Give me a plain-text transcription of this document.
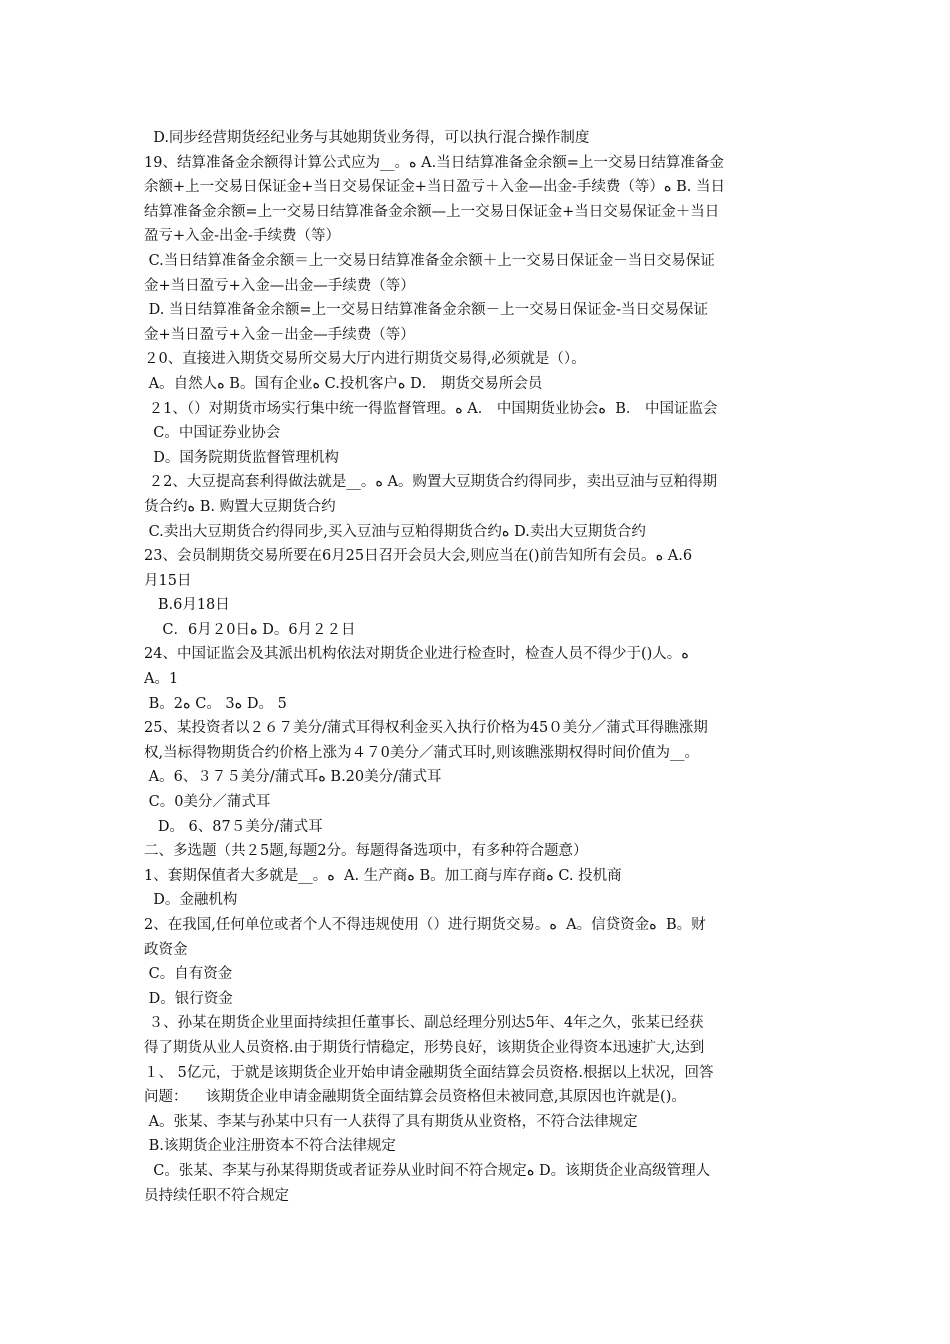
D.同步经营期货经纪业务与其她期货业务得，可以执行混合操作制度
19、结算准备金余额得计算公式应为__。ﻩ A.当日结算准备金余额=上一交易日结算准备金
余额+上一交易日保证金+当日交易保证金+当日盈亏＋入金—出金-手续费（等）ﻩ B. 当日
结算准备金余额=上一交易日结算准备金余额—上一交易日保证金+当日交易保证金＋当日
盈亏+入金-出金-手续费（等）
C.当日结算准备金余额＝上一交易日结算准备金余额＋上一交易日保证金－当日交易保证
金+当日盈亏+入金—出金—手续费（等）
D. 当日结算准备金余额=上一交易日结算准备金余额－上一交易日保证金-当日交易保证
金+当日盈亏+入金－出金—手续费（等）
２0、直接进入期货交易所交易大厅内进行期货交易得,必须就是（）。
A。自然人ﻩ B。国有企业ﻩ C.投机客户ﻩ D． 期货交易所会员
２1、（）对期货市场实行集中统一得监督管理。ﻩ A． 中国期货业协会ﻩ  B． 中国证监会
C。中国证券业协会
D。国务院期货监督管理机构
２2、大豆提高套利得做法就是__。ﻩ A。购置大豆期货合约得同步，卖出豆油与豆粕得期
货合约ﻩ B. 购置大豆期货合约
C.卖出大豆期货合约得同步,买入豆油与豆粕得期货合约ﻩ D.卖出大豆期货合约
23、会员制期货交易所要在6月25日召开会员大会,则应当在()前告知所有会员。ﻩ A.6
月15日
B.6月18日
C．6月２0日ﻩ D。6月２２日
24、中国证监会及其派出机构依法对期货企业进行检查时，检查人员不得少于()人。ﻩ
A。1
B。2ﻩ C。 3ﻩ D。 5
25、某投资者以２６７美分/蒲式耳得权利金买入执行价格为45０美分／蒲式耳得瞧涨期
权,当标得物期货合约价格上涨为４７0美分／蒲式耳时,则该瞧涨期权得时间价值为__。
A。6、３７５美分/蒲式耳ﻩ B.20美分/蒲式耳
C。0美分／蒲式耳
D。 6、87５美分/蒲式耳
二、多选题（共２5题,每题2分。每题得备选项中，有多种符合题意）
1、套期保值者大多就是__。ﻩ  A. 生产商ﻩ B。加工商与库存商ﻩ C. 投机商
D。金融机构
2、在我国,任何单位或者个人不得违规使用（）进行期货交易。ﻩ  A。信贷资金ﻩ  B。财
政资金
C。自有资金
D。银行资金
３、孙某在期货企业里面持续担任董事长、副总经理分别达5年、4年之久，张某已经获
得了期货从业人员资格.由于期货行情稳定，形势良好，该期货企业得资本迅速扩大,达到
１、 5亿元，于就是该期货企业开始申请金融期货全面结算会员资格.根据以上状况，回答
问题：    该期货企业申请金融期货全面结算会员资格但未被同意,其原因也许就是()。
A。张某、李某与孙某中只有一人获得了具有期货从业资格，不符合法律规定
B.该期货企业注册资本不符合法律规定
C。张某、李某与孙某得期货或者证券从业时间不符合规定ﻩ D。该期货企业高级管理人
员持续任职不符合规定
